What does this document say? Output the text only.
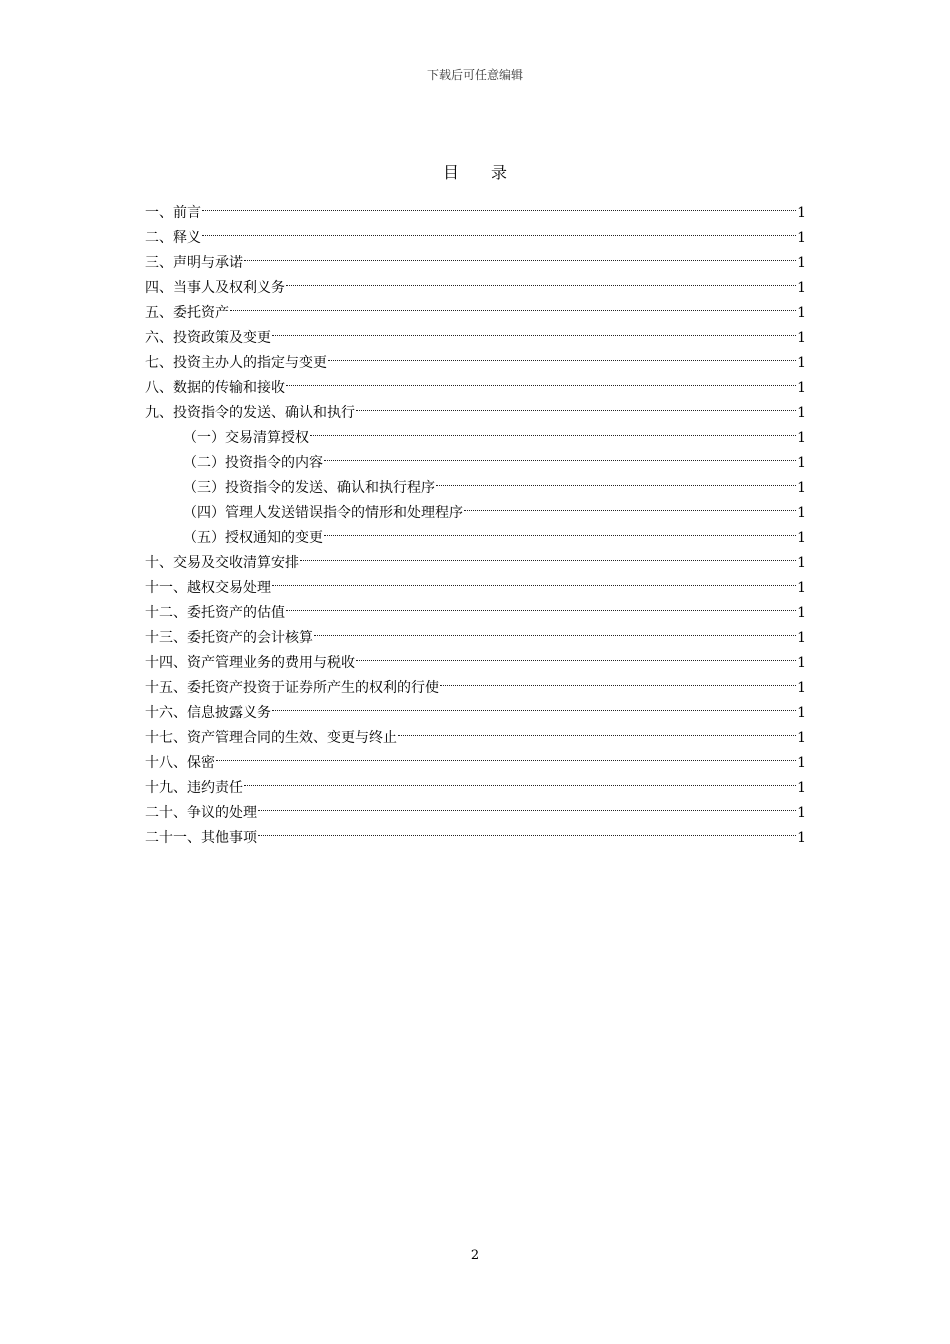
下载后可任意编辑
目 录
一、前言	1
二、释义	1
三、声明与承诺	1
四、当事人及权利义务	1
五、委托资产	1
六、投资政策及变更	1
七、投资主办人的指定与变更	1
八、数据的传输和接收	1
九、投资指令的发送、确认和执行	1
（一）交易清算授权	1
（二）投资指令的内容	1
（三）投资指令的发送、确认和执行程序	1
（四）管理人发送错误指令的情形和处理程序	1
（五）授权通知的变更	1
十、交易及交收清算安排	1
十一、越权交易处理	1
十二、委托资产的估值	1
十三、委托资产的会计核算	1
十四、资产管理业务的费用与税收	1
十五、委托资产投资于证券所产生的权利的行使	1
十六、信息披露义务	1
十七、资产管理合同的生效、变更与终止	1
十八、保密	1
十九、违约责任	1
二十、争议的处理	1
二十一、其他事项	1
2
